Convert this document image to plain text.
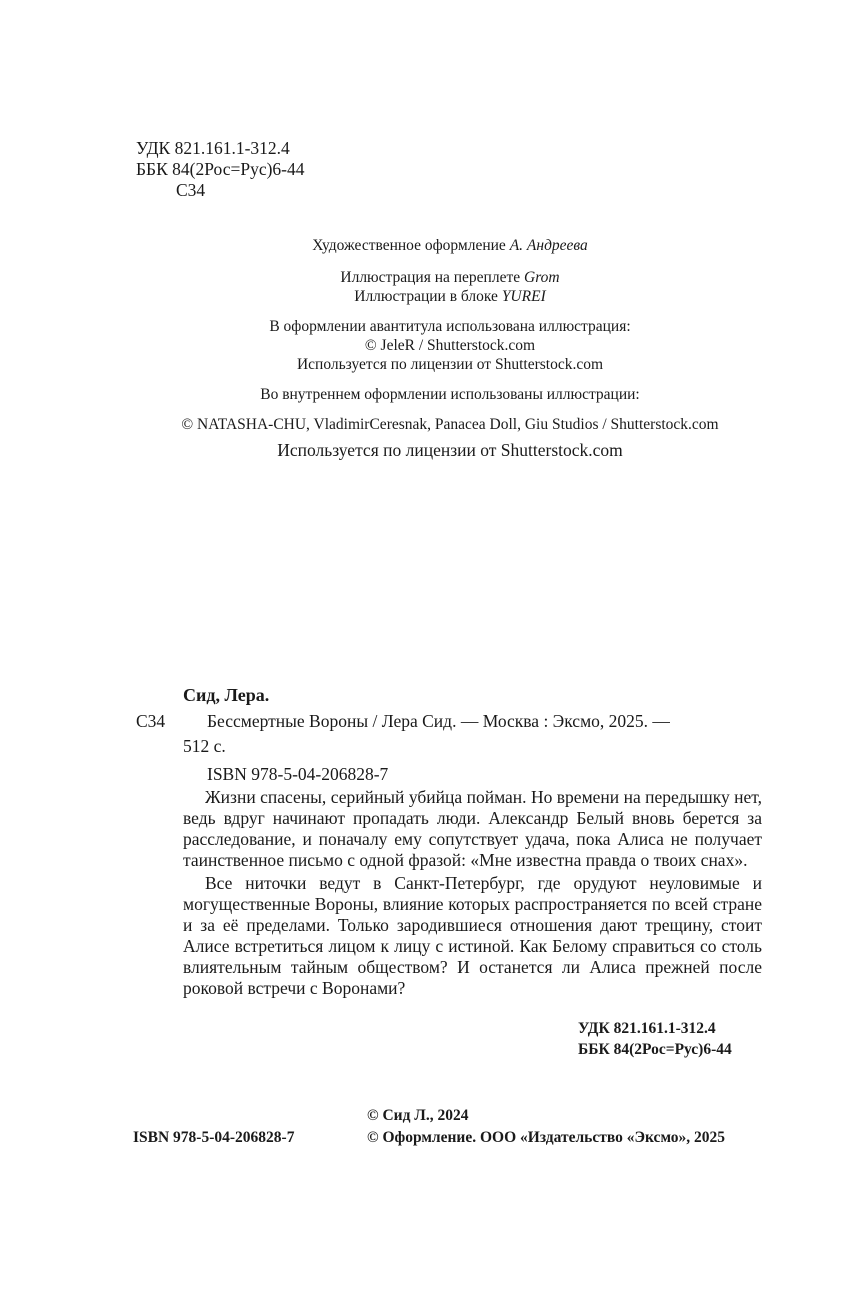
УДК 821.161.1-312.4
ББК 84(2Рос=Рус)6-44
С34
Художественное оформление А. Андреева
Иллюстрация на переплете Grom
Иллюстрации в блоке YUREI
В оформлении авантитула использована иллюстрация:
© JeleR / Shutterstock.com
Используется по лицензии от Shutterstock.com
Во внутреннем оформлении использованы иллюстрации:
© NATASHA-CHU, VladimirCeresnak, Panacea Doll, Giu Studios / Shutterstock.com
Используется по лицензии от Shutterstock.com
Сид, Лера.
С34 Бессмертные Вороны / Лера Сид. — Москва : Эксмо, 2025. —
512 с.
ISBN 978-5-04-206828-7

Жизни спасены, серийный убийца пойман. Но времени на передышку нет, ведь вдруг начинают пропадать люди. Александр Белый вновь берется за расследование, и поначалу ему сопутствует удача, пока Алиса не получает таинственное письмо с одной фразой: «Мне известна правда о твоих снах».

Все ниточки ведут в Санкт-Петербург, где орудуют неуловимые и могущественные Вороны, влияние которых распространяется по всей стране и за её пределами. Только зародившиеся отношения дают трещину, стоит Алисе встретиться лицом к лицу с истиной. Как Белому справиться со столь влиятельным тайным обществом? И останется ли Алиса прежней после роковой встречи с Воронами?

УДК 821.161.1-312.4
ББК 84(2Рос=Рус)6-44
© Сид Л., 2024
ISBN 978-5-04-206828-7	© Оформление. ООО «Издательство «Эксмо», 2025
